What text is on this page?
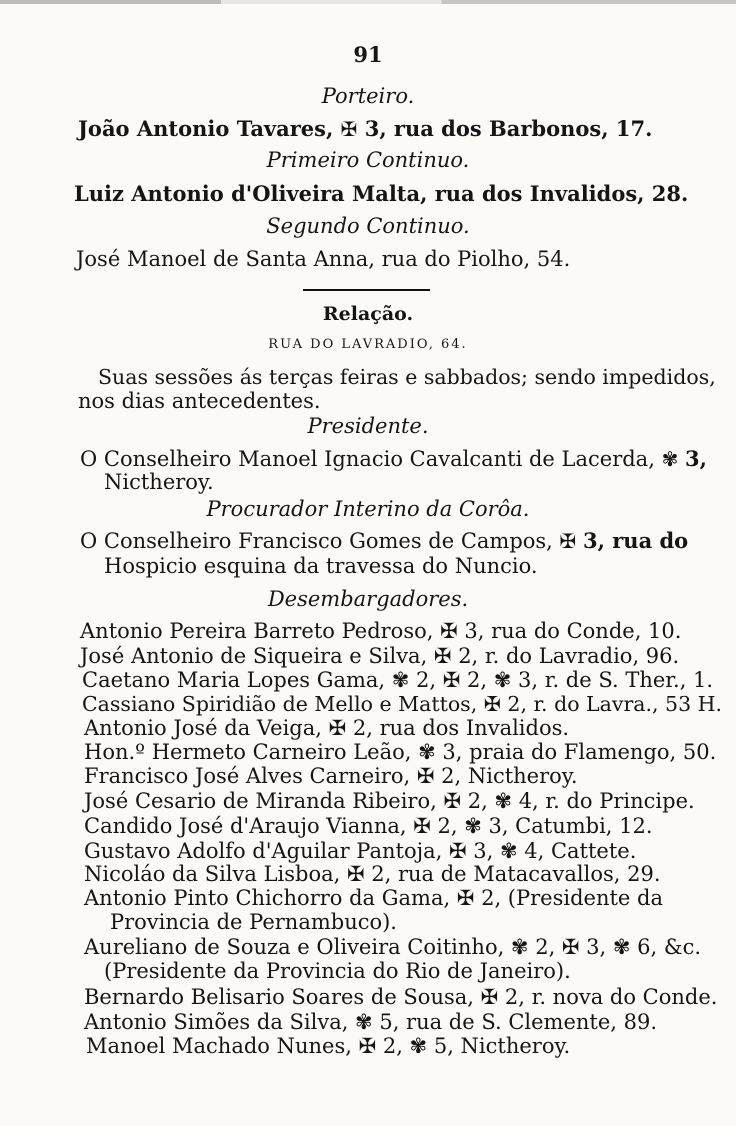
91
Porteiro.
João Antonio Tavares, ✠ 3, rua dos Barbonos, 17.
Primeiro Continuo.
Luiz Antonio d'Oliveira Malta, rua dos Invalidos, 28.
Segundo Continuo.
José Manoel de Santa Anna, rua do Piolho, 54.
Relação.
RUA DO LAVRADIO, 64.
Suas sessões ás terças feiras e sabbados; sendo impedidos,
nos dias antecedentes.
Presidente.
O Conselheiro Manoel Ignacio Cavalcanti de Lacerda, ✾ 3,
Nictheroy.
Procurador Interino da Corôa.
O Conselheiro Francisco Gomes de Campos, ✠ 3, rua do
Hospicio esquina da travessa do Nuncio.
Desembargadores.
Antonio Pereira Barreto Pedroso, ✠ 3, rua do Conde, 10.
José Antonio de Siqueira e Silva, ✠ 2, r. do Lavradio, 96.
Caetano Maria Lopes Gama, ✾ 2, ✠ 2, ✾ 3, r. de S. Ther., 1.
Cassiano Spiridião de Mello e Mattos, ✠ 2, r. do Lavra., 53 H.
Antonio José da Veiga, ✠ 2, rua dos Invalidos.
Hon.º Hermeto Carneiro Leão, ✾ 3, praia do Flamengo, 50.
Francisco José Alves Carneiro, ✠ 2, Nictheroy.
José Cesario de Miranda Ribeiro, ✠ 2, ✾ 4, r. do Principe.
Candido José d'Araujo Vianna, ✠ 2, ✾ 3, Catumbi, 12.
Gustavo Adolfo d'Aguilar Pantoja, ✠ 3, ✾ 4, Cattete.
Nicoláo da Silva Lisboa, ✠ 2, rua de Matacavallos, 29.
Antonio Pinto Chichorro da Gama, ✠ 2, (Presidente da
Provincia de Pernambuco).
Aureliano de Souza e Oliveira Coitinho, ✾ 2, ✠ 3, ✾ 6, &c.
(Presidente da Provincia do Rio de Janeiro).
Bernardo Belisario Soares de Sousa, ✠ 2, r. nova do Conde.
Antonio Simões da Silva, ✾ 5, rua de S. Clemente, 89.
Manoel Machado Nunes, ✠ 2, ✾ 5, Nictheroy.
